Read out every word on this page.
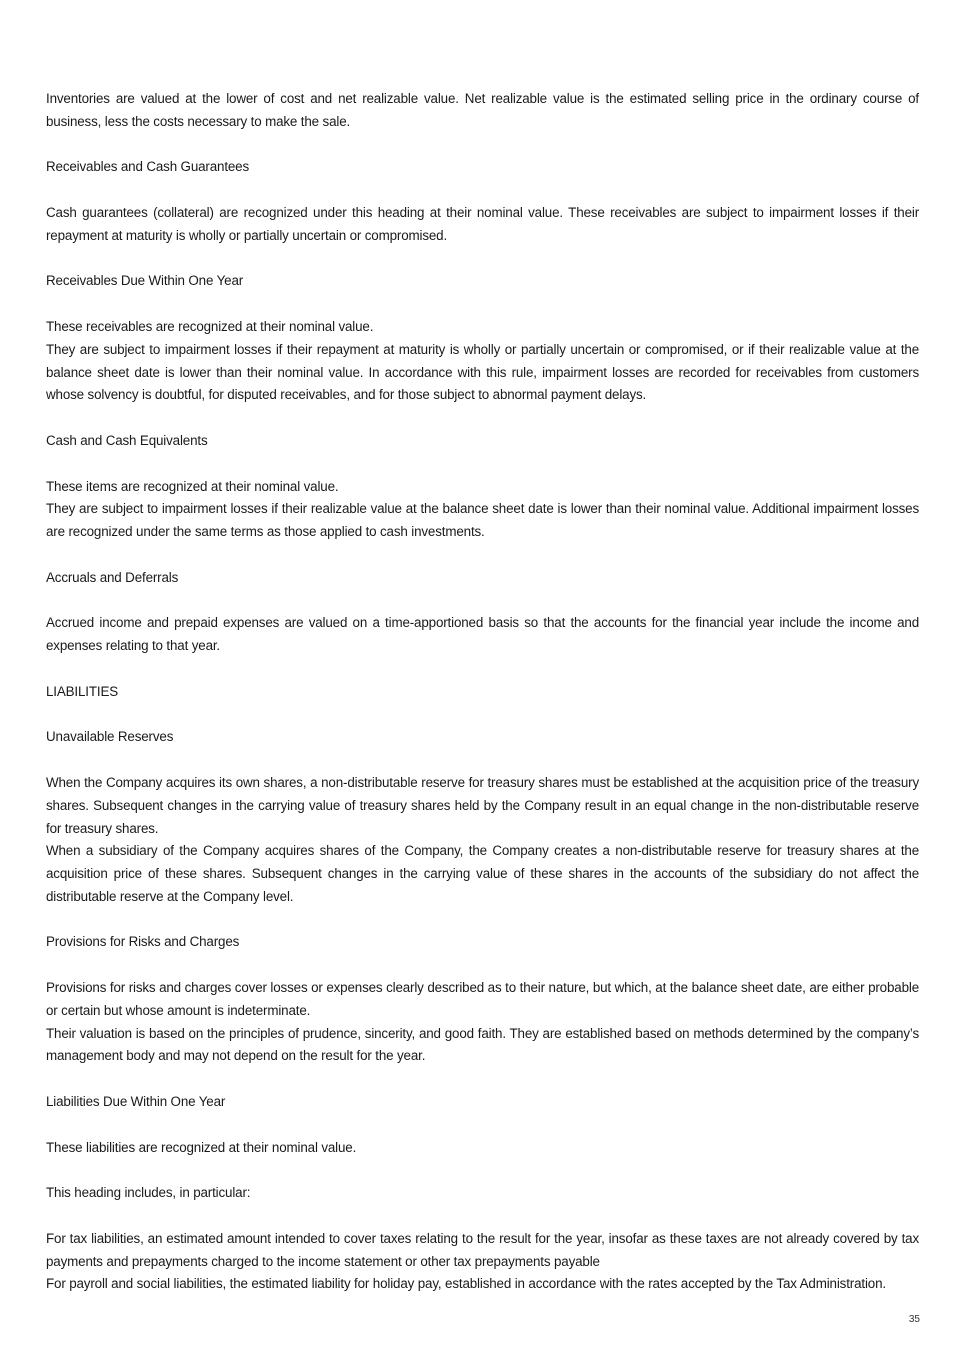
Inventories are valued at the lower of cost and net realizable value. Net realizable value is the estimated selling price in the ordinary course of business, less the costs necessary to make the sale.

Receivables and Cash Guarantees

Cash guarantees (collateral) are recognized under this heading at their nominal value. These receivables are subject to impairment losses if their repayment at maturity is wholly or partially uncertain or compromised.

Receivables Due Within One Year

These receivables are recognized at their nominal value.

They are subject to impairment losses if their repayment at maturity is wholly or partially uncertain or compromised, or if their realizable value at the balance sheet date is lower than their nominal value. In accordance with this rule, impairment losses are recorded for receivables from customers whose solvency is doubtful, for disputed receivables, and for those subject to abnormal payment delays.

Cash and Cash Equivalents

These items are recognized at their nominal value.

They are subject to impairment losses if their realizable value at the balance sheet date is lower than their nominal value. Additional impairment losses are recognized under the same terms as those applied to cash investments.

Accruals and Deferrals

Accrued income and prepaid expenses are valued on a time-apportioned basis so that the accounts for the financial year include the income and expenses relating to that year.

LIABILITIES
Unavailable Reserves

When the Company acquires its own shares, a non-distributable reserve for treasury shares must be established at the acquisition price of the treasury shares. Subsequent changes in the carrying value of treasury shares held by the Company result in an equal change in the non-distributable reserve for treasury shares.

When a subsidiary of the Company acquires shares of the Company, the Company creates a non-distributable reserve for treasury shares at the acquisition price of these shares. Subsequent changes in the carrying value of these shares in the accounts of the subsidiary do not affect the distributable reserve at the Company level.

Provisions for Risks and Charges

Provisions for risks and charges cover losses or expenses clearly described as to their nature, but which, at the balance sheet date, are either probable or certain but whose amount is indeterminate.

Their valuation is based on the principles of prudence, sincerity, and good faith. They are established based on methods determined by the company’s management body and may not depend on the result for the year.

Liabilities Due Within One Year

These liabilities are recognized at their nominal value.

This heading includes, in particular:

For tax liabilities, an estimated amount intended to cover taxes relating to the result for the year, insofar as these taxes are not already covered by tax payments and prepayments charged to the income statement or other tax prepayments payable

For payroll and social liabilities, the estimated liability for holiday pay, established in accordance with the rates accepted by the Tax Administration.

35
